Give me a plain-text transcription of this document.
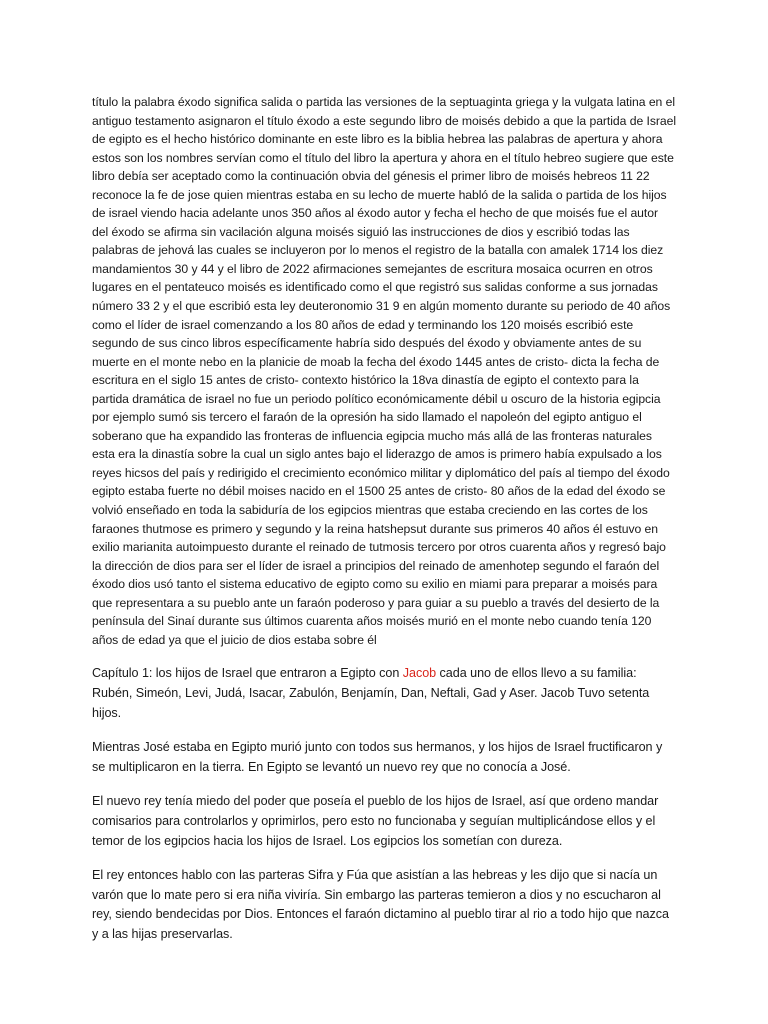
título la palabra éxodo significa salida o partida las versiones de la septuaginta griega y la vulgata latina en el antiguo testamento asignaron el título éxodo a este segundo libro de moisés debido a que la partida de Israel de egipto es el hecho histórico dominante en este libro es la biblia hebrea las palabras de apertura y ahora estos son los nombres servían como el título del libro la apertura y ahora en el título hebreo sugiere que este libro debía ser aceptado como la continuación obvia del génesis el primer libro de moisés hebreos 11 22 reconoce la fe de jose quien mientras estaba en su lecho de muerte habló de la salida o partida de los hijos de israel viendo hacia adelante unos 350 años al éxodo autor y fecha el hecho de que moisés fue el autor del éxodo se afirma sin vacilación alguna moisés siguió las instrucciones de dios y escribió todas las palabras de jehová las cuales se incluyeron por lo menos el registro de la batalla con amalek 1714 los diez mandamientos 30 y 44 y el libro de 2022 afirmaciones semejantes de escritura mosaica ocurren en otros lugares en el pentateuco moisés es identificado como el que registró sus salidas conforme a sus jornadas número 33 2 y el que escribió esta ley deuteronomio 31 9 en algún momento durante su periodo de 40 años como el líder de israel comenzando a los 80 años de edad y terminando los 120 moisés escribió este segundo de sus cinco libros específicamente habría sido después del éxodo y obviamente antes de su muerte en el monte nebo en la planicie de moab la fecha del éxodo 1445 antes de cristo- dicta la fecha de escritura en el siglo 15 antes de cristo- contexto histórico la 18va dinastía de egipto el contexto para la partida dramática de israel no fue un periodo político económicamente débil u oscuro de la historia egipcia por ejemplo sumó sis tercero el faraón de la opresión ha sido llamado el napoleón del egipto antiguo el soberano que ha expandido las fronteras de influencia egipcia mucho más allá de las fronteras naturales esta era la dinastía sobre la cual un siglo antes bajo el liderazgo de amos is primero había expulsado a los reyes hicsos del país y redirigido el crecimiento económico militar y diplomático del país al tiempo del éxodo egipto estaba fuerte no débil moises nacido en el 1500 25 antes de cristo- 80 años de la edad del éxodo se volvió enseñado en toda la sabiduría de los egipcios mientras que estaba creciendo en las cortes de los faraones thutmose es primero y segundo y la reina hatshepsut durante sus primeros 40 años él estuvo en exilio marianita autoimpuesto durante el reinado de tutmosis tercero por otros cuarenta años y regresó bajo la dirección de dios para ser el líder de israel a principios del reinado de amenhotep segundo el faraón del éxodo dios usó tanto el sistema educativo de egipto como su exilio en miami para preparar a moisés para que representara a su pueblo ante un faraón poderoso y para guiar a su pueblo a través del desierto de la península del Sinaí durante sus últimos cuarenta años moisés murió en el monte nebo cuando tenía 120 años de edad ya que el juicio de dios estaba sobre él

Capítulo 1: los hijos de Israel que entraron a Egipto con Jacob cada uno de ellos llevo a su familia: Rubén, Simeón, Levi, Judá, Isacar, Zabulón, Benjamín, Dan, Neftali, Gad y Aser. Jacob Tuvo setenta hijos.

Mientras José estaba en Egipto murió junto con todos sus hermanos, y los hijos de Israel fructificaron y se multiplicaron en la tierra. En Egipto se levantó un nuevo rey que no conocía a José.

El nuevo rey tenía miedo del poder que poseía el pueblo de los hijos de Israel, así que ordeno mandar comisarios para controlarlos y oprimirlos, pero esto no funcionaba y seguían multiplicándose ellos y el temor de los egipcios hacia los hijos de Israel. Los egipcios los sometían con dureza.

El rey entonces hablo con las parteras Sifra y Fúa que asistían a las hebreas y les dijo que si nacía un varón que lo mate pero si era niña viviría. Sin embargo las parteras temieron a dios y no escucharon al rey, siendo bendecidas por Dios. Entonces el faraón dictamino al pueblo tirar al rio a todo hijo que nazca y a las hijas preservarlas.
